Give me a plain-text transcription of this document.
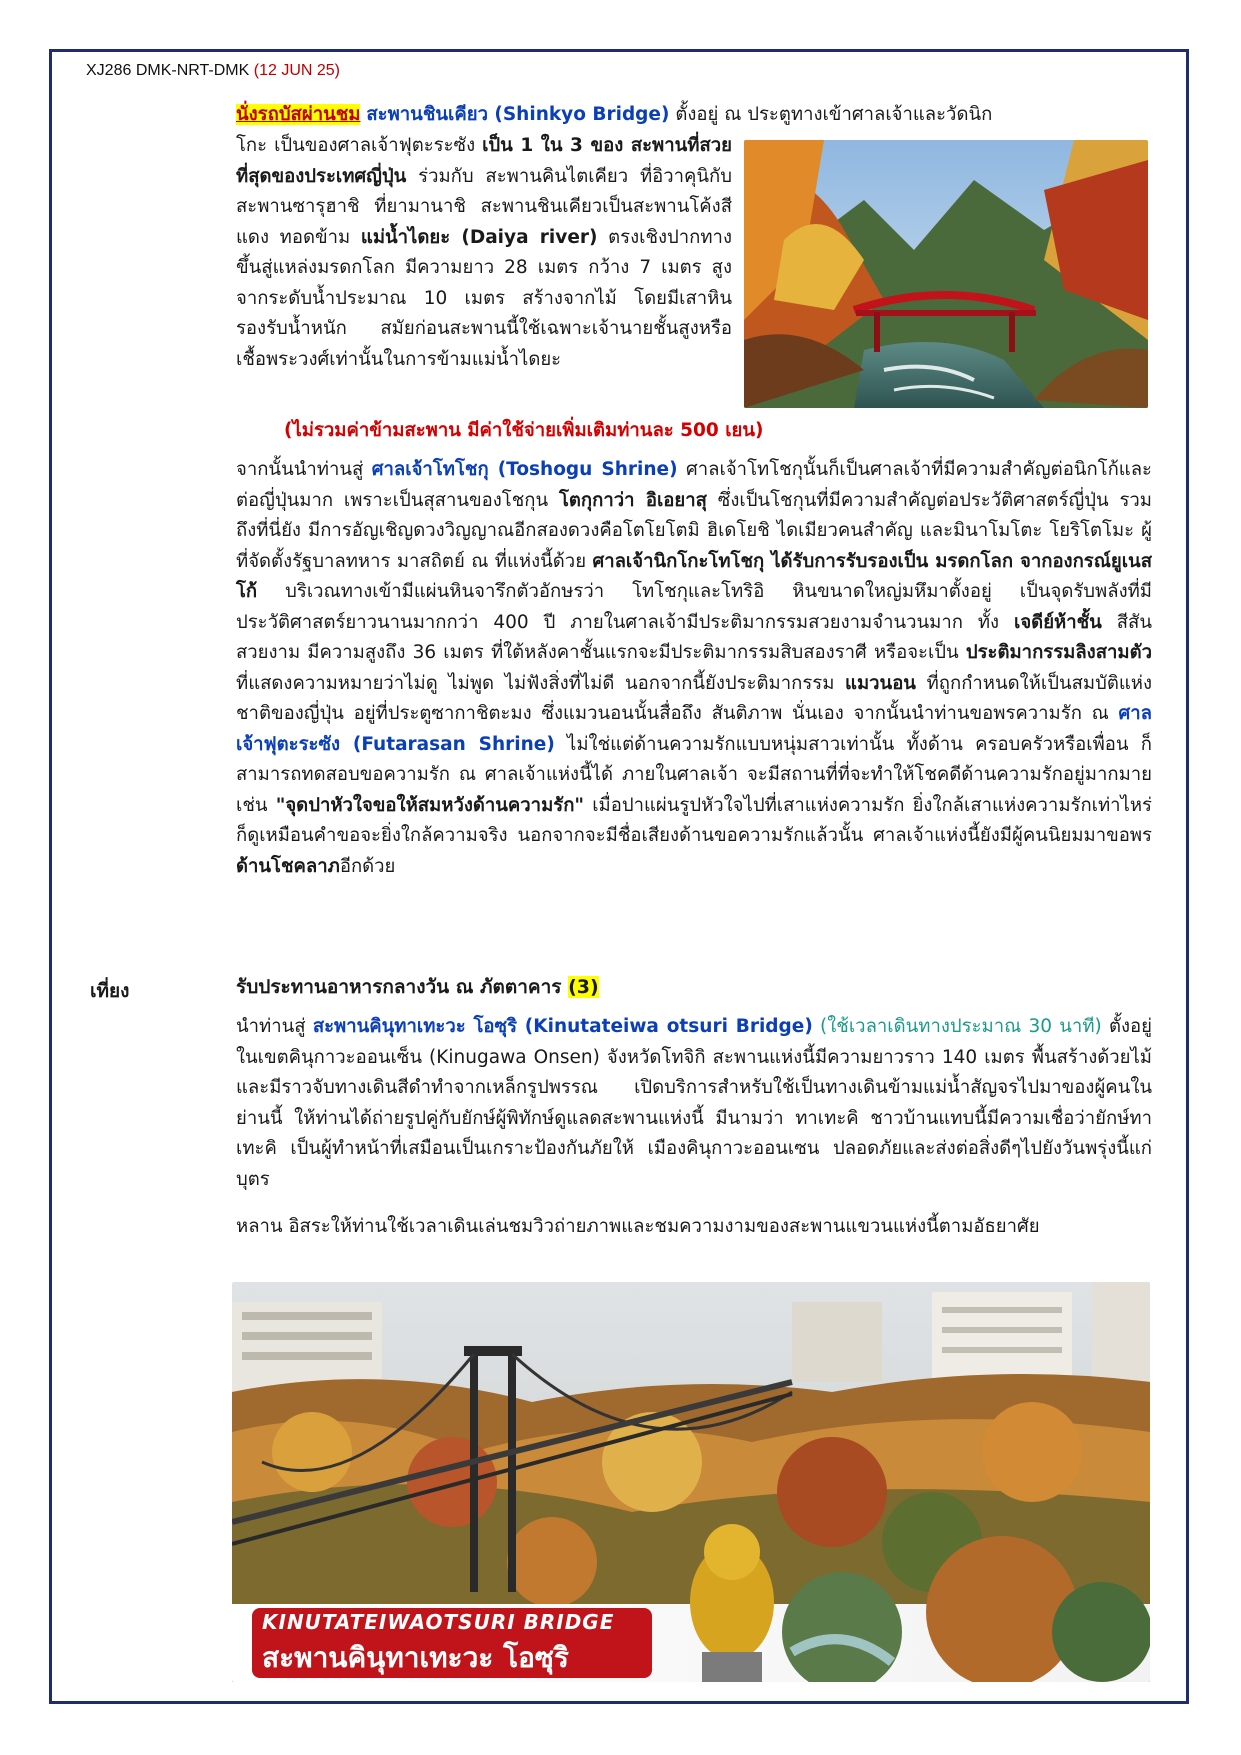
XJ286 DMK-NRT-DMK (12 JUN 25)
นั่งรถบัสผ่านชม สะพานชินเคียว (Shinkyo Bridge) ตั้งอยู่ ณ ประตูทางเข้าศาลเจ้าและวัดนิก
โกะ เป็นของศาลเจ้าฟุตะระซัง เป็น 1 ใน 3 ของ สะพานที่สวยที่สุดของประเทศญี่ปุ่น ร่วมกับ สะพานคินไตเคียว ที่อิวาคุนิกับสะพานซารุฮาชิ ที่ยามานาชิ สะพานชินเคียวเป็นสะพานโค้งสีแดง ทอดข้าม แม่น้ำไดยะ (Daiya river) ตรงเชิงปากทางขึ้นสู่แหล่งมรดกโลก มีความยาว 28 เมตร กว้าง 7 เมตร สูงจากระดับน้ำประมาณ 10 เมตร สร้างจากไม้ โดยมีเสาหินรองรับน้ำหนัก สมัยก่อนสะพานนี้ใช้เฉพาะเจ้านายชั้นสูงหรือเชื้อพระวงศ์เท่านั้นในการข้ามแม่น้ำไดยะ
(ไม่รวมค่าข้ามสะพาน มีค่าใช้จ่ายเพิ่มเติมท่านละ 500 เยน)
จากนั้นนำท่านสู่ ศาลเจ้าโทโชกุ (Toshogu Shrine) ศาลเจ้าโทโชกุนั้นก็เป็นศาลเจ้าที่มีความสำคัญต่อนิกโก้และต่อญี่ปุ่นมาก เพราะเป็นสุสานของโชกุน โตกุกาว่า อิเอยาสุ ซึ่งเป็นโชกุนที่มีความสำคัญต่อประวัติศาสตร์ญี่ปุ่น รวมถึงที่นี่ยัง มีการอัญเชิญดวงวิญญาณอีกสองดวงคือโตโยโตมิ ฮิเดโยชิ ไดเมียวคนสำคัญ และมินาโมโตะ โยริโตโมะ ผู้ที่จัดตั้งรัฐบาลทหาร มาสถิตย์ ณ ที่แห่งนี้ด้วย ศาลเจ้านิกโกะโทโชกุ ได้รับการรับรองเป็น มรดกโลก จากองกรณ์ยูเนสโก้ บริเวณทางเข้ามีแผ่นหินจารึกตัวอักษรว่า โทโชกุและโทริอิ หินขนาดใหญ่มหึมาตั้งอยู่ เป็นจุดรับพลังที่มีประวัติศาสตร์ยาวนานมากกว่า 400 ปี ภายในศาลเจ้ามีประติมากรรมสวยงามจำนวนมาก ทั้ง เจดีย์ห้าชั้น สีสันสวยงาม มีความสูงถึง 36 เมตร ที่ใต้หลังคาชั้นแรกจะมีประติมากรรมสิบสองราศี หรือจะเป็น ประติมากรรมลิงสามตัว ที่แสดงความหมายว่าไม่ดู ไม่พูด ไม่ฟังสิ่งที่ไม่ดี นอกจากนี้ยังประติมากรรม แมวนอน ที่ถูกกำหนดให้เป็นสมบัติแห่งชาติของญี่ปุ่น อยู่ที่ประตูซากาชิตะมง ซึ่งแมวนอนนั้นสื่อถึง สันติภาพ นั่นเอง จากนั้นนำท่านขอพรความรัก ณ ศาลเจ้าฟุตะระซัง (Futarasan Shrine) ไม่ใช่แต่ด้านความรักแบบหนุ่มสาวเท่านั้น ทั้งด้าน ครอบครัวหรือเพื่อน ก็สามารถทดสอบขอความรัก ณ ศาลเจ้าแห่งนี้ได้ ภายในศาลเจ้า จะมีสถานที่ที่จะทำให้โชคดีด้านความรักอยู่มากมาย เช่น "จุดปาหัวใจขอให้สมหวังด้านความรัก" เมื่อปาแผ่นรูปหัวใจไปที่เสาแห่งความรัก ยิ่งใกล้เสาแห่งความรักเท่าไหร่ ก็ดูเหมือนคำขอจะยิ่งใกล้ความจริง นอกจากจะมีชื่อเสียงด้านขอความรักแล้วนั้น ศาลเจ้าแห่งนี้ยังมีผู้คนนิยมมาขอพรด้านโชคลาภอีกด้วย
เที่ยง	รับประทานอาหารกลางวัน ณ ภัตตาคาร (3)
นำท่านสู่ สะพานคินุทาเทะวะ โอซุริ (Kinutateiwa otsuri Bridge) (ใช้เวลาเดินทางประมาณ 30 นาที) ตั้งอยู่ในเขตคินุกาวะออนเซ็น (Kinugawa Onsen) จังหวัดโทจิกิ สะพานแห่งนี้มีความยาวราว 140 เมตร พื้นสร้างด้วยไม้และมีราวจับทางเดินสีดำทำจากเหล็กรูปพรรณ เปิดบริการสำหรับใช้เป็นทางเดินข้ามแม่น้ำสัญจรไปมาของผู้คนในย่านนี้ ให้ท่านได้ถ่ายรูปคู่กับยักษ์ผู้พิทักษ์ดูแลดสะพานแห่งนี้ มีนามว่า ทาเทะคิ ชาวบ้านแทบนี้มีความเชื่อว่ายักษ์ทาเทะคิ เป็นผู้ทำหน้าที่เสมือนเป็นเกราะป้องกันภัยให้ เมืองคินุกาวะออนเซน ปลอดภัยและส่งต่อสิ่งดีๆไปยังวันพรุ่งนี้แก่บุตร
หลาน อิสระให้ท่านใช้เวลาเดินเล่นชมวิวถ่ายภาพและชมความงามของสะพานแขวนแห่งนี้ตามอัธยาศัย
KINUTATEIWAOTSURI BRIDGE
สะพานคินุทาเทะวะ โอซุริ
